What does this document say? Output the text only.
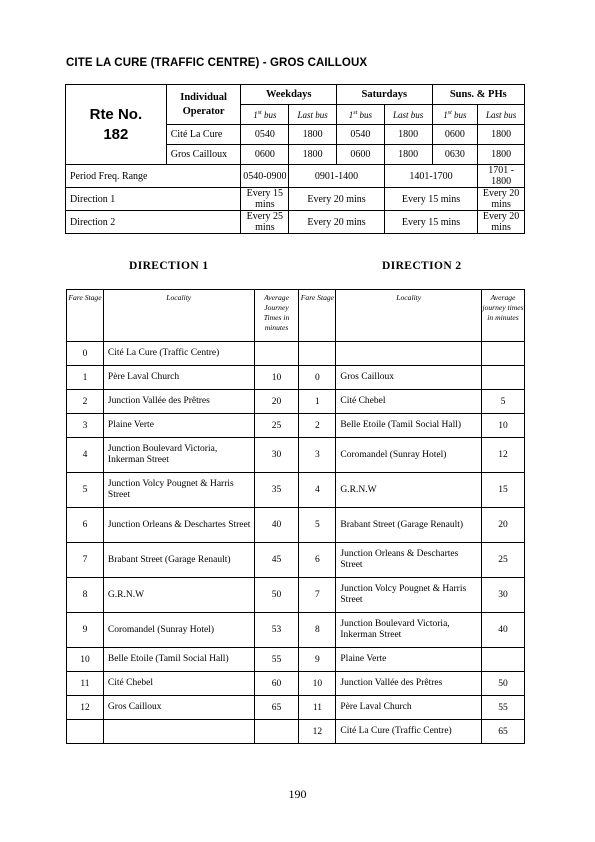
CITE LA CURE (TRAFFIC CENTRE) - GROS CAILLOUX
Rte No.
182	Individual Operator	Weekdays		Saturdays		Suns. & PHs	
		1st bus	Last bus	1st bus	Last bus	1st bus	Last bus
	Cité La Cure	0540	1800	0540	1800	0600	1800
	Gros Cailloux	0600	1800	0600	1800	0630	1800
Period Freq. Range		0540-0900	0901-1400		1401-1700		1701 - 1800
Direction 1		Every 15 mins	Every 20 mins		Every 15 mins		Every 20 mins
Direction 2		Every 25 mins	Every 20 mins		Every 15 mins		Every 20 mins
DIRECTION 1	DIRECTION 2
Fare Stage	Locality	Average Journey Times in minutes	Fare Stage	Locality	Average journey times in minutes
0	Cité La Cure (Traffic Centre)				
1	Père Laval Church	10	0	Gros Cailloux	
2	Junction Vallée des Prêtres	20	1	Cité Chebel	5
3	Plaine Verte	25	2	Belle Etoile (Tamil Social Hall)	10
4	Junction Boulevard Victoria, Inkerman Street	30	3	Coromandel (Sunray Hotel)	12
5	Junction Volcy Pougnet & Harris Street	35	4	G.R.N.W	15
6	Junction Orleans & Deschartes Street	40	5	Brabant Street (Garage Renault)	20
7	Brabant Street (Garage Renault)	45	6	Junction Orleans & Deschartes Street	25
8	G.R.N.W	50	7	Junction Volcy Pougnet & Harris Street	30
9	Coromandel (Sunray Hotel)	53	8	Junction Boulevard Victoria, Inkerman Street	40
10	Belle Etoile (Tamil Social Hall)	55	9	Plaine Verte	
11	Cité Chebel	60	10	Junction Vallée des Prêtres	50
12	Gros Cailloux	65	11	Père Laval Church	55
			12	Cité La Cure (Traffic Centre)	65
190
